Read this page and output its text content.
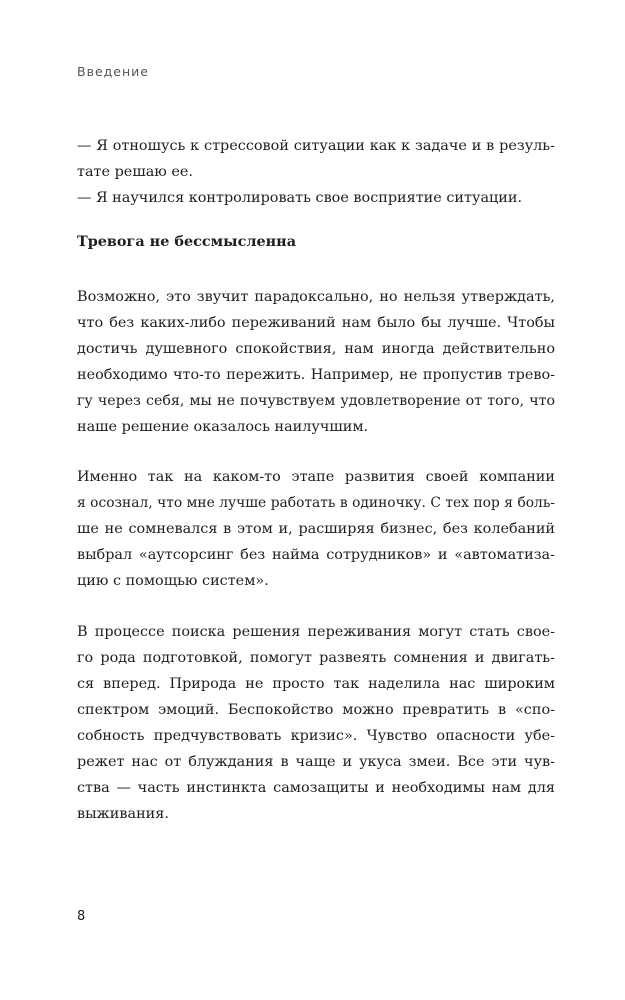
Введение
— Я отношусь к стрессовой ситуации как к задаче и в резуль-
тате решаю ее.
— Я научился контролировать свое восприятие ситуации.
Тревога не бессмысленна
Возможно, это звучит парадоксально, но нельзя утверждать,
что без каких-либо переживаний нам было бы лучше. Чтобы
достичь душевного спокойствия, нам иногда действительно
необходимо что-то пережить. Например, не пропустив трево-
гу через себя, мы не почувствуем удовлетворение от того, что
наше решение оказалось наилучшим.
Именно так на каком-то этапе развития своей компании
я осознал, что мне лучше работать в одиночку. С тех пор я боль-
ше не сомневался в этом и, расширяя бизнес, без колебаний
выбрал «аутсорсинг без найма сотрудников» и «автоматиза-
цию с помощью систем».
В процессе поиска решения переживания могут стать свое-
го рода подготовкой, помогут развеять сомнения и двигать-
ся вперед. Природа не просто так наделила нас широким
спектром эмоций. Беспокойство можно превратить в «спо-
собность предчувствовать кризис». Чувство опасности убе-
режет нас от блуждания в чаще и укуса змеи. Все эти чув-
ства — часть инстинкта самозащиты и необходимы нам для
выживания.
8
